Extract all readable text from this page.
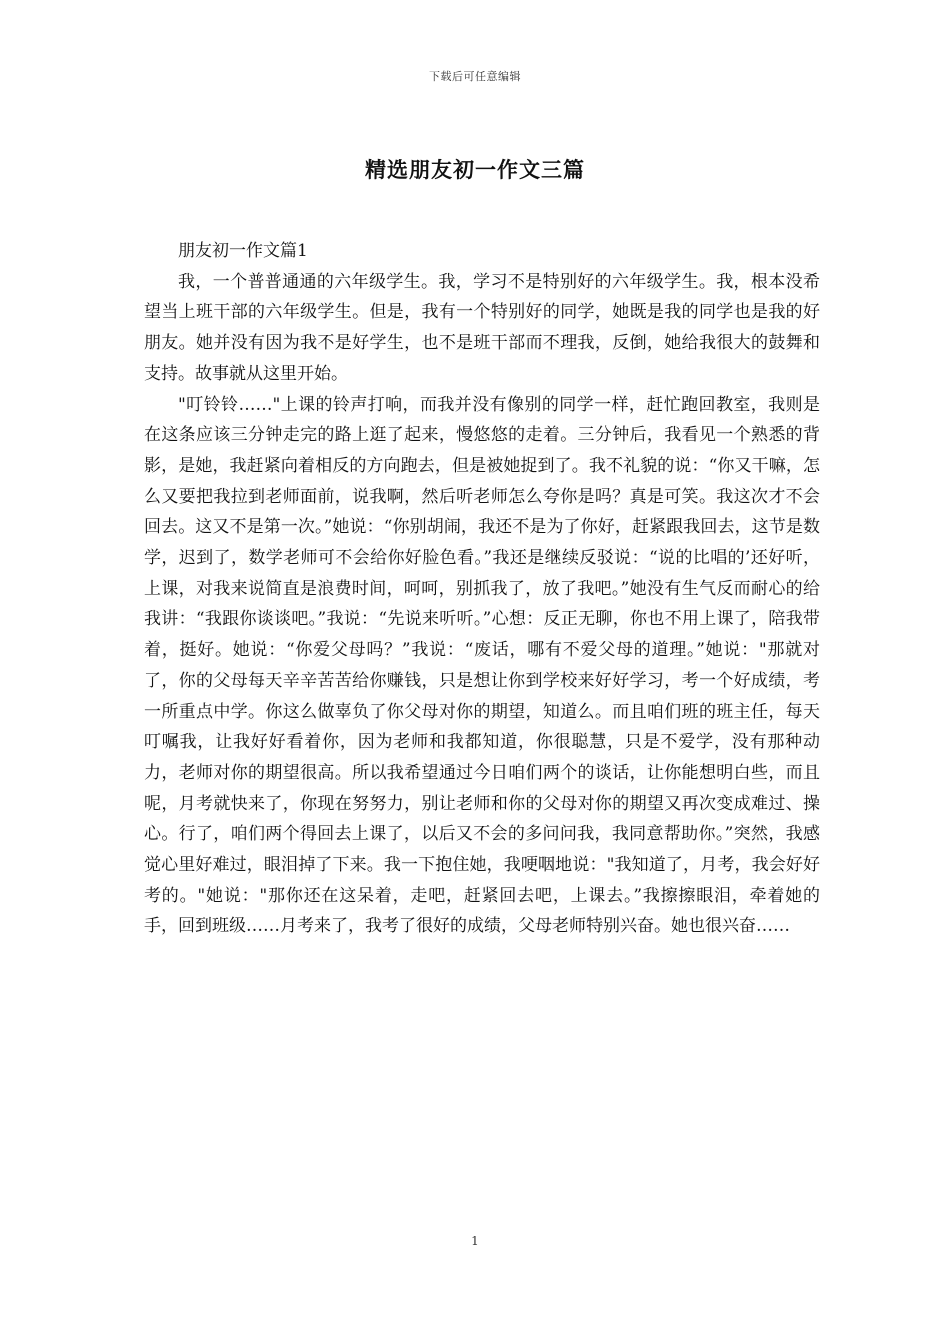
下载后可任意编辑
精选朋友初一作文三篇

朋友初一作文篇1

我，一个普普通通的六年级学生。我，学习不是特别好的六年级学生。我，根本没希望当上班干部的六年级学生。但是，我有一个特别好的同学，她既是我的同学也是我的好朋友。她并没有因为我不是好学生，也不是班干部而不理我，反倒，她给我很大的鼓舞和支持。故事就从这里开始。

"叮铃铃……"上课的铃声打响，而我并没有像别的同学一样，赶忙跑回教室，我则是在这条应该三分钟走完的路上逛了起来，慢悠悠的走着。三分钟后，我看见一个熟悉的背影，是她，我赶紧向着相反的方向跑去，但是被她捉到了。我不礼貌的说：“你又干嘛，怎么又要把我拉到老师面前，说我啊，然后听老师怎么夸你是吗？真是可笑。我这次才不会回去。这又不是第一次。”她说：“你别胡闹，我还不是为了你好，赶紧跟我回去，这节是数学，迟到了，数学老师可不会给你好脸色看。”我还是继续反驳说：“说的比唱的’还好听，上课，对我来说简直是浪费时间，呵呵，别抓我了，放了我吧。”她没有生气反而耐心的给我讲：“我跟你谈谈吧。”我说：“先说来听听。”心想：反正无聊，你也不用上课了，陪我带着，挺好。她说：“你爱父母吗？”我说：“废话，哪有不爱父母的道理。”她说："那就对了，你的父母每天辛辛苦苦给你赚钱，只是想让你到学校来好好学习，考一个好成绩，考一所重点中学。你这么做辜负了你父母对你的期望，知道么。而且咱们班的班主任，每天叮嘱我，让我好好看着你，因为老师和我都知道，你很聪慧，只是不爱学，没有那种动力，老师对你的期望很高。所以我希望通过今日咱们两个的谈话，让你能想明白些，而且呢，月考就快来了，你现在努努力，别让老师和你的父母对你的期望又再次变成难过、操心。行了，咱们两个得回去上课了，以后又不会的多问问我，我同意帮助你。”突然，我感觉心里好难过，眼泪掉了下来。我一下抱住她，我哽咽地说："我知道了，月考，我会好好考的。"她说："那你还在这呆着，走吧，赶紧回去吧，上课去。”我擦擦眼泪，牵着她的手，回到班级……月考来了，我考了很好的成绩，父母老师特别兴奋。她也很兴奋……

1
